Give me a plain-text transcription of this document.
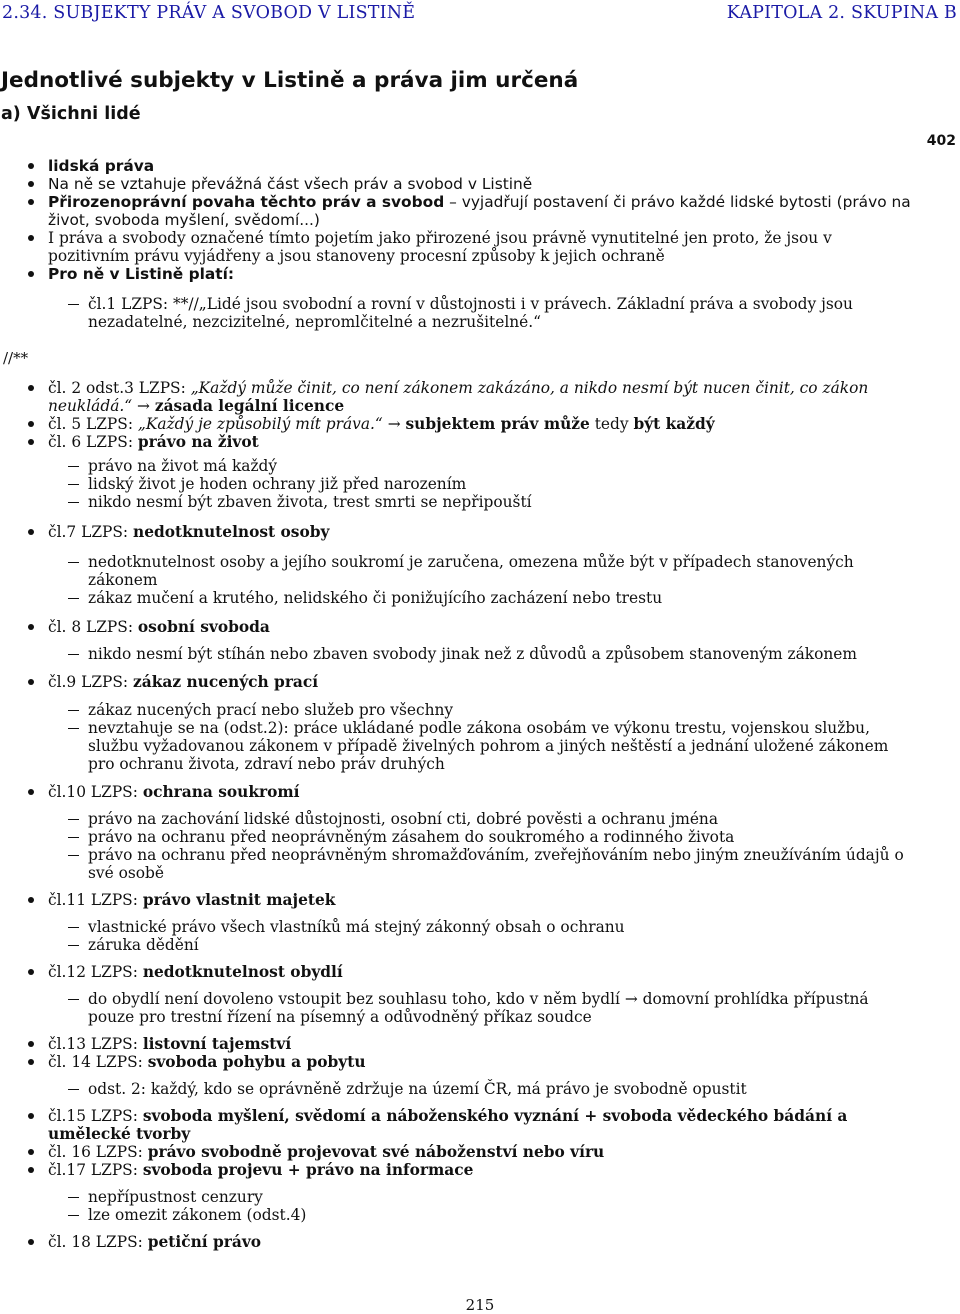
2.34. SUBJEKTY PRÁV A SVOBOD V LISTINĚ	KAPITOLA 2. SKUPINA B
Jednotlivé subjekty v Listině a práva jim určená
a) Všichni lidé
402
//**
lidská práva
Na ně se vztahuje převážná část všech práv a svobod v Listině
Přirozenoprávní povaha těchto práv a svobod – vyjadřují postavení či právo každé lidské bytosti (právo na život, svoboda myšlení, svědomí...)
I práva a svobody označené tímto pojetím jako přirozené jsou právně vynutitelné jen proto, že jsou v pozitivním právu vyjádřeny a jsou stanoveny procesní způsoby k jejich ochraně
Pro ně v Listině platí:
čl.1 LZPS: **//„Lidé jsou svobodní a rovní v důstojnosti i v právech. Základní práva a svobody jsou nezadatelné, nezcizitelné, nepromlčitelné a nezrušitelné.“
čl. 2 odst.3 LZPS: „Každý může činit, co není zákonem zakázáno, a nikdo nesmí být nucen činit, co zákon neukládá.“ → zásada legální licence
čl. 5 LZPS: „Každý je způsobilý mít práva.“ → subjektem práv může tedy být každý
čl. 6 LZPS: právo na život
právo na život má každý
lidský život je hoden ochrany již před narozením
nikdo nesmí být zbaven života, trest smrti se nepřipouští
čl.7 LZPS: nedotknutelnost osoby
nedotknutelnost osoby a jejího soukromí je zaručena, omezena může být v případech stanovených zákonem
zákaz mučení a krutého, nelidského či ponižujícího zacházení nebo trestu
čl. 8 LZPS: osobní svoboda
nikdo nesmí být stíhán nebo zbaven svobody jinak než z důvodů a způsobem stanoveným zákonem
čl.9 LZPS: zákaz nucených prací
zákaz nucených prací nebo služeb pro všechny
nevztahuje se na (odst.2): práce ukládané podle zákona osobám ve výkonu trestu, vojenskou službu, službu vyžadovanou zákonem v případě živelných pohrom a jiných neštěstí a jednání uložené zákonem pro ochranu života, zdraví nebo práv druhých
čl.10 LZPS: ochrana soukromí
právo na zachování lidské důstojnosti, osobní cti, dobré pověsti a ochranu jména
právo na ochranu před neoprávněným zásahem do soukromého a rodinného života
právo na ochranu před neoprávněným shromažďováním, zveřejňováním nebo jiným zneužíváním údajů o své osobě
čl.11 LZPS: právo vlastnit majetek
vlastnické právo všech vlastníků má stejný zákonný obsah o ochranu
záruka dědění
čl.12 LZPS: nedotknutelnost obydlí
do obydlí není dovoleno vstoupit bez souhlasu toho, kdo v něm bydlí → domovní prohlídka přípustná pouze pro trestní řízení na písemný a odůvodněný příkaz soudce
čl.13 LZPS: listovní tajemství
čl. 14 LZPS: svoboda pohybu a pobytu
odst. 2: každý, kdo se oprávněně zdržuje na území ČR, má právo je svobodně opustit
čl.15 LZPS: svoboda myšlení, svědomí a náboženského vyznání + svoboda vědeckého bádání a umělecké tvorby
čl. 16 LZPS: právo svobodně projevovat své náboženství nebo víru
čl.17 LZPS: svoboda projevu + právo na informace
nepřípustnost cenzury
lze omezit zákonem (odst.4)
čl. 18 LZPS: petiční právo
215
